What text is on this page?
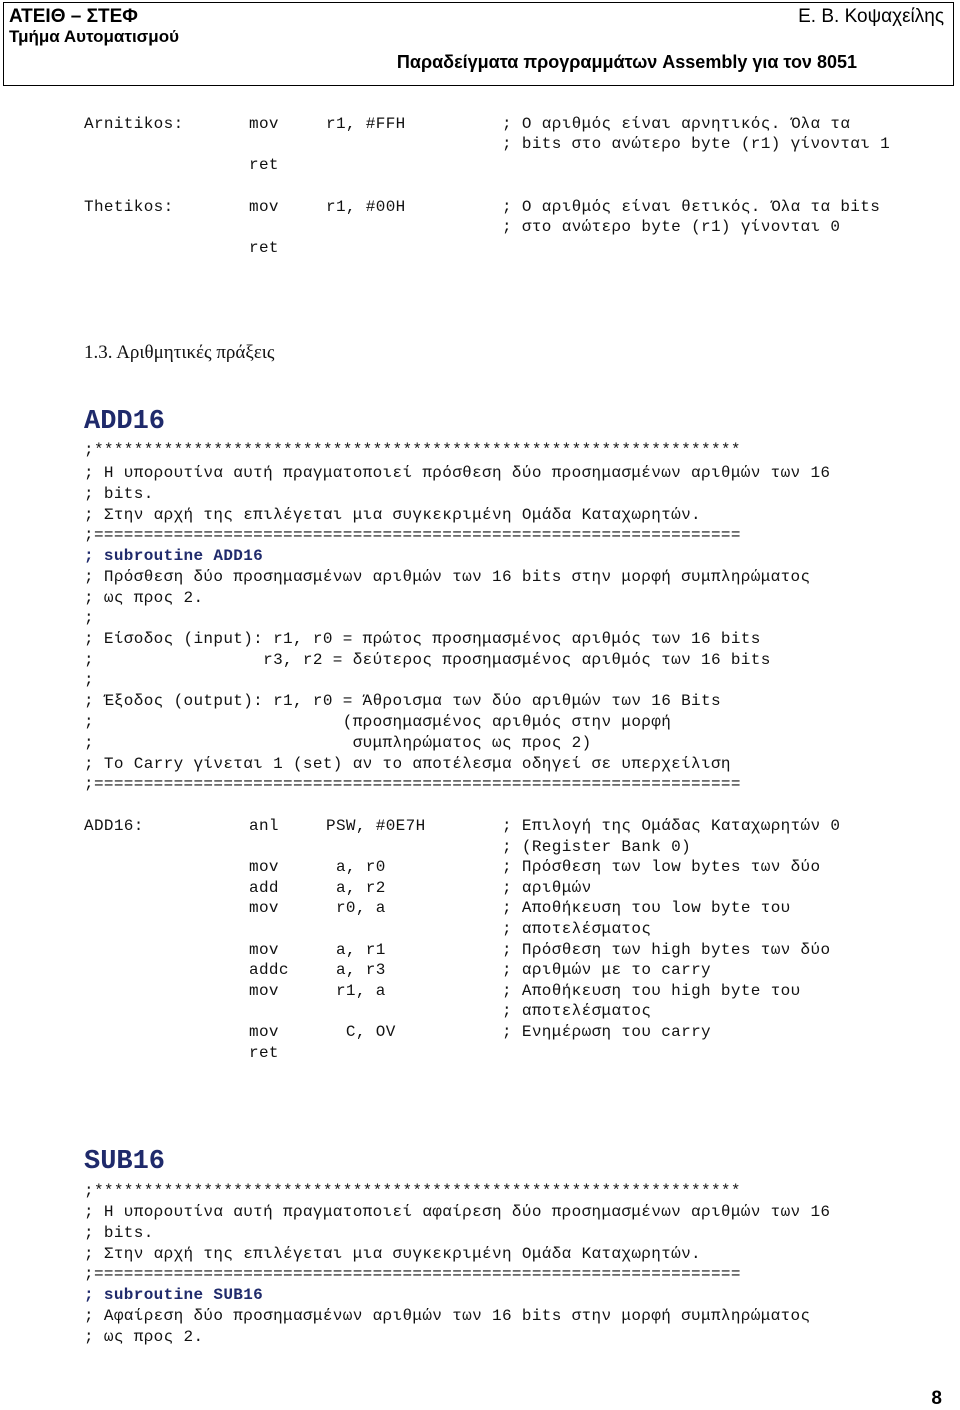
ΑΤΕΙΘ – ΣΤΕΦ
Τμήμα Αυτοματισμού
Ε. Β. Κοψαχείλης
Παραδείγματα προγραμμάτων Assembly για τον 8051
Arnitikos:	mov	r1, #FFH	; Ο αριθμός είναι αρνητικός. Όλα τα
; bits στο ανώτερο byte (r1) γίνονται 1
ret
Thetikos:	mov	r1, #00H	; Ο αριθμός είναι θετικός. Όλα τα bits
; στο ανώτερο byte (r1) γίνονται 0
ret
1.3. Αριθμητικές πράξεις
ADD16
;*****************************************************************
; Η υπορουτίνα αυτή πραγματοποιεί πρόσθεση δύο προσημασμένων αριθμών των 16
; bits.
; Στην αρχή της επιλέγεται μια συγκεκριμένη Ομάδα Καταχωρητών.
;=================================================================
; subroutine ADD16
; Πρόσθεση δύο προσημασμένων αριθμών των 16 bits στην μορφή συμπληρώματος
; ως προς 2.
;
; Είσοδος (input): r1, r0 = πρώτος προσημασμένος αριθμός των 16 bits
;                 r3, r2 = δεύτερος προσημασμένος αριθμός των 16 bits
;
; Έξοδος (output): r1, r0 = Άθροισμα των δύο αριθμών των 16 Bits
;                         (προσημασμένος αριθμός στην μορφή
;                          συμπληρώματος ως προς 2)
; Το Carry γίνεται 1 (set) αν το αποτέλεσμα οδηγεί σε υπερχείλιση
;=================================================================
ADD16:	anl	PSW, #0E7H	; Επιλογή της Ομάδας Καταχωρητών 0
; (Register Bank 0)
mov	a, r0	; Πρόσθεση των low bytes των δύο
add	a, r2	; αριθμών
mov	r0, a	; Αποθήκευση του low byte του
; αποτελέσματος
mov	a, r1	; Πρόσθεση των high bytes των δύο
addc a, r3	; αριθμών με το carry
mov	r1, a	; Αποθήκευση του high byte του
; αποτελέσματος
mov	C, OV	; Ενημέρωση του carry
ret
SUB16
;*****************************************************************
; Η υπορουτίνα αυτή πραγματοποιεί αφαίρεση δύο προσημασμένων αριθμών των 16
; bits.
; Στην αρχή της επιλέγεται μια συγκεκριμένη Ομάδα Καταχωρητών.
;=================================================================
; subroutine SUB16
; Αφαίρεση δύο προσημασμένων αριθμών των 16 bits στην μορφή συμπληρώματος
; ως προς 2.
8
